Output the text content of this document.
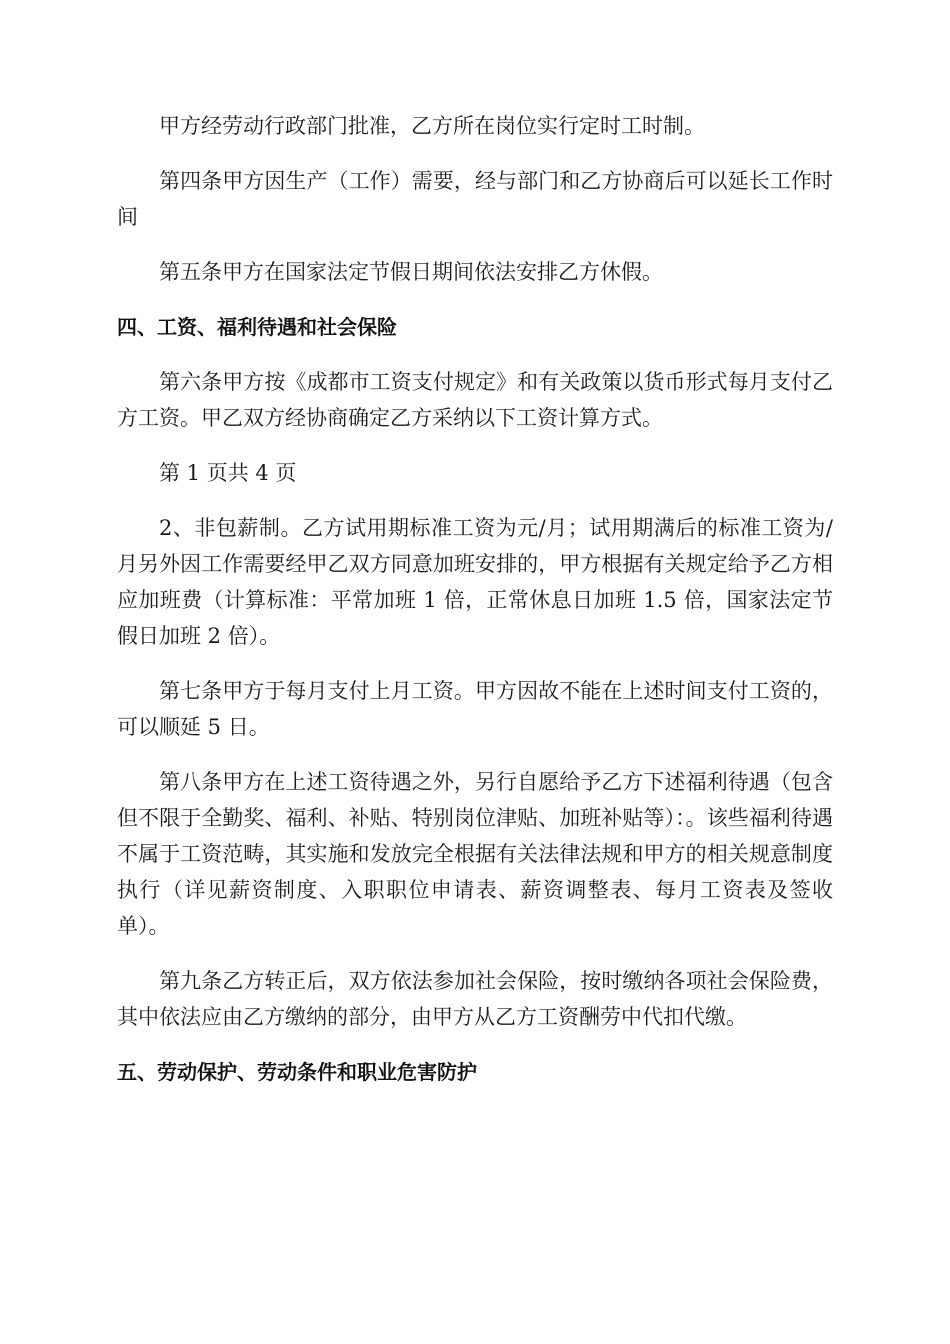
甲方经劳动行政部门批准，乙方所在岗位实行定时工时制。

第四条甲方因生产（工作）需要，经与部门和乙方协商后可以延长工作时间

第五条甲方在国家法定节假日期间依法安排乙方休假。

四、工资、福利待遇和社会保险

第六条甲方按《成都市工资支付规定》和有关政策以货币形式每月支付乙方工资。甲乙双方经协商确定乙方采纳以下工资计算方式。

第 1 页共 4 页

2、非包薪制。乙方试用期标准工资为元/月；试用期满后的标准工资为/月另外因工作需要经甲乙双方同意加班安排的，甲方根据有关规定给予乙方相应加班费（计算标准：平常加班 1 倍，正常休息日加班 1.5 倍，国家法定节假日加班 2 倍）。

第七条甲方于每月支付上月工资。甲方因故不能在上述时间支付工资的，可以顺延 5 日。

第八条甲方在上述工资待遇之外，另行自愿给予乙方下述福利待遇（包含但不限于全勤奖、福利、补贴、特别岗位津贴、加班补贴等）：。该些福利待遇不属于工资范畴，其实施和发放完全根据有关法律法规和甲方的相关规意制度执行（详见薪资制度、入职职位申请表、薪资调整表、每月工资表及签收单）。

第九条乙方转正后，双方依法参加社会保险，按时缴纳各项社会保险费，其中依法应由乙方缴纳的部分，由甲方从乙方工资酬劳中代扣代缴。

五、劳动保护、劳动条件和职业危害防护
